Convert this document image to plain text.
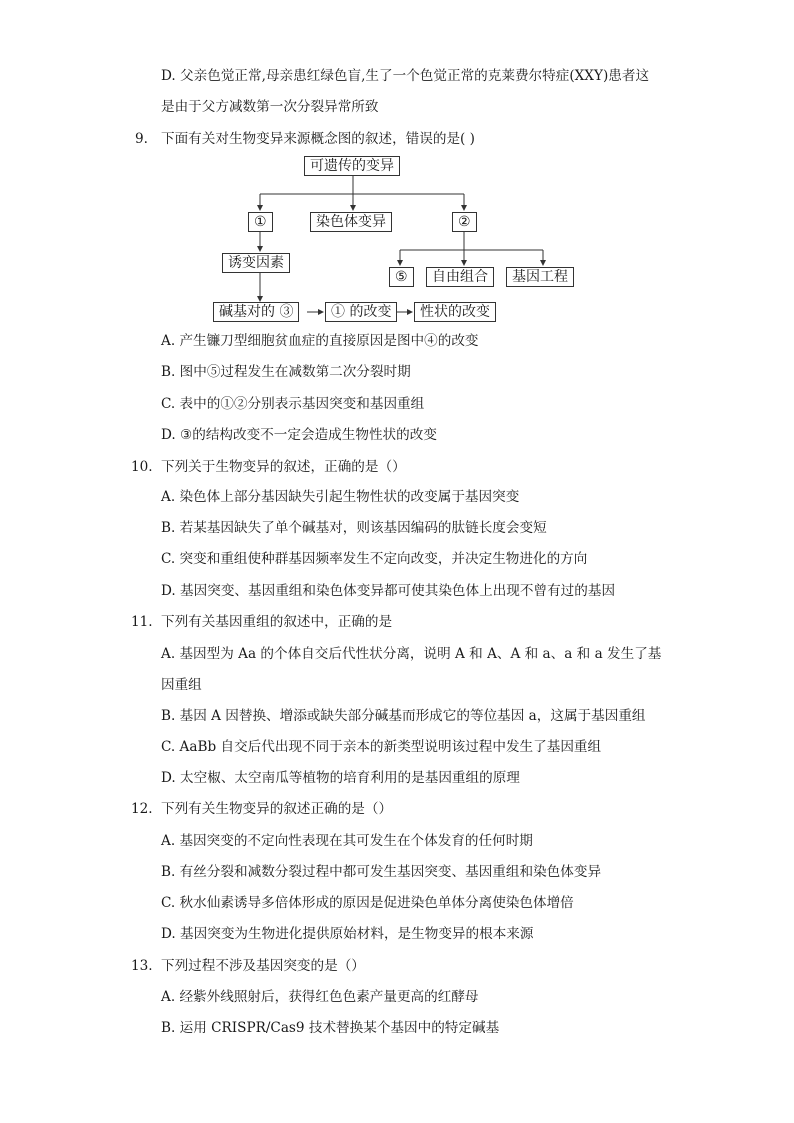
D. 父亲色觉正常,母亲患红绿色盲,生了一个色觉正常的克莱费尔特症(XXY)患者这
是由于父方减数第一次分裂异常所致
9. 下面有关对生物变异来源概念图的叙述，错误的是( )
可遗传的变异
①	染色体变异	②
诱变因素
⑤	自由组合	基因工程
碱基对的 ③	① 的改变	性状的改变
A. 产生镰刀型细胞贫血症的直接原因是图中④的改变
B. 图中⑤过程发生在减数第二次分裂时期
C. 表中的①②分别表示基因突变和基因重组
D. ③的结构改变不一定会造成生物性状的改变
10. 下列关于生物变异的叙述，正确的是（）
A. 染色体上部分基因缺失引起生物性状的改变属于基因突变
B. 若某基因缺失了单个碱基对，则该基因编码的肽链长度会变短
C. 突变和重组使种群基因频率发生不定向改变，并决定生物进化的方向
D. 基因突变、基因重组和染色体变异都可使其染色体上出现不曾有过的基因
11. 下列有关基因重组的叙述中，正确的是
A. 基因型为 Aa 的个体自交后代性状分离，说明 A 和 A、A 和 a、a 和 a 发生了基
因重组
B. 基因 A 因替换、增添或缺失部分碱基而形成它的等位基因 a，这属于基因重组
C. AaBb 自交后代出现不同于亲本的新类型说明该过程中发生了基因重组
D. 太空椒、太空南瓜等植物的培育利用的是基因重组的原理
12. 下列有关生物变异的叙述正确的是（）
A. 基因突变的不定向性表现在其可发生在个体发育的任何时期
B. 有丝分裂和减数分裂过程中都可发生基因突变、基因重组和染色体变异
C. 秋水仙素诱导多倍体形成的原因是促进染色单体分离使染色体增倍
D. 基因突变为生物进化提供原始材料，是生物变异的根本来源
13. 下列过程不涉及基因突变的是（）
A. 经紫外线照射后，获得红色色素产量更高的红酵母
B. 运用 CRISPR/Cas9 技术替换某个基因中的特定碱基
